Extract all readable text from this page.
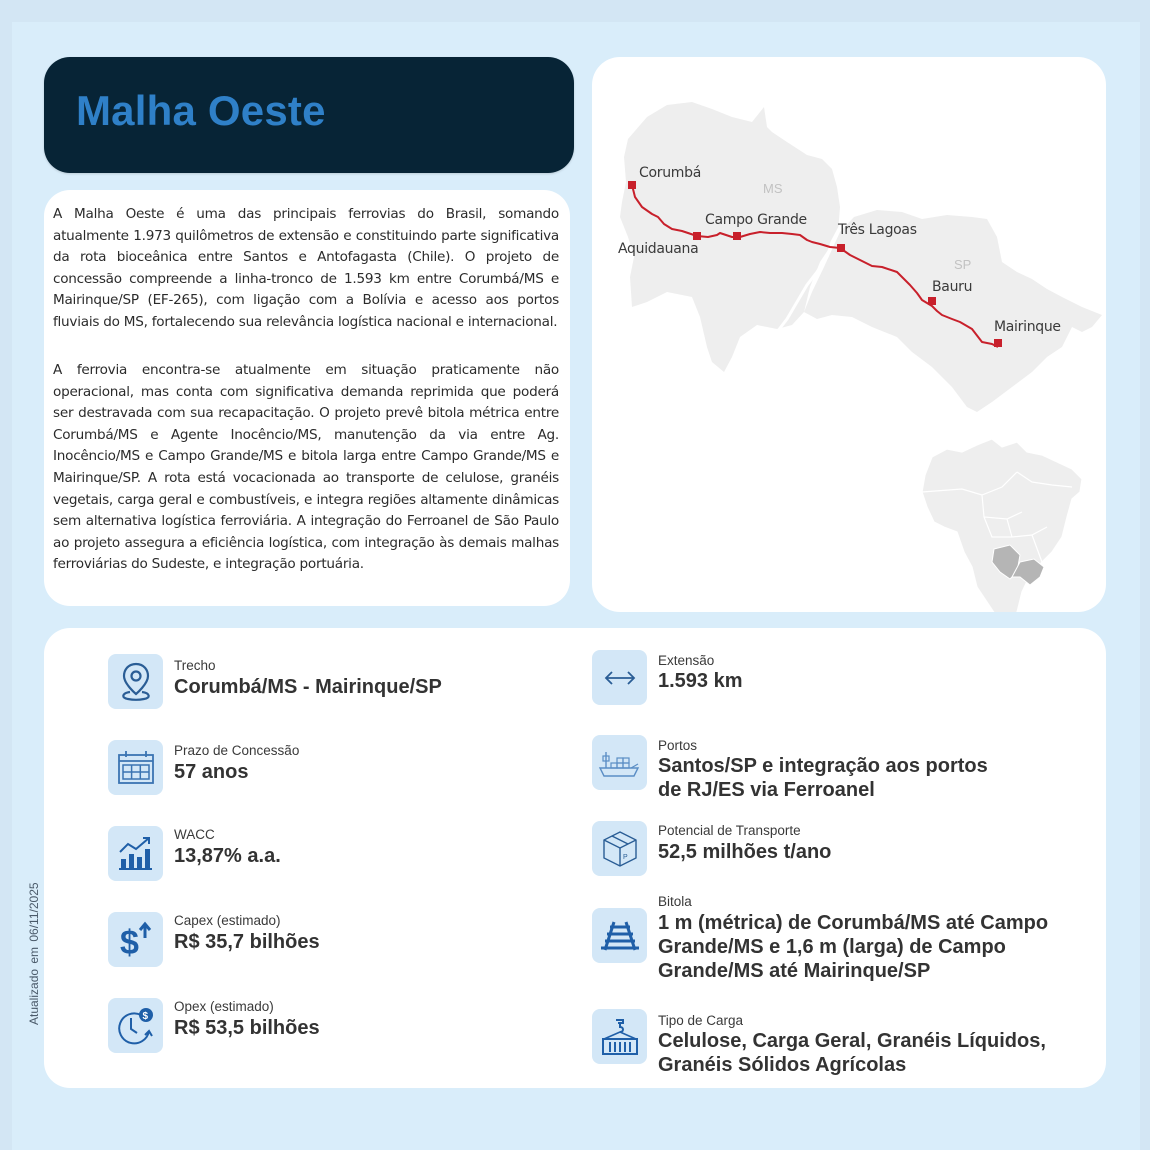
Malha Oeste

A Malha Oeste é uma das principais ferrovias do Brasil, somando atualmente 1.973 quilômetros de extensão e constituindo parte significativa da rota bioceânica entre Santos e Antofagasta (Chile). O projeto de concessão compreende a linha-tronco de 1.593 km entre Corumbá/MS e Mairinque/SP (EF-265), com ligação com a Bolívia e acesso aos portos fluviais do MS, fortalecendo sua relevância logística nacional e internacional.

A ferrovia encontra-se atualmente em situação praticamente não operacional, mas conta com significativa demanda reprimida que poderá ser destravada com sua recapacitação. O projeto prevê bitola métrica entre Corumbá/MS e Agente Inocêncio/MS, manutenção da via entre Ag. Inocêncio/MS e Campo Grande/MS e bitola larga entre Campo Grande/MS e Mairinque/SP. A rota está vocacionada ao transporte de celulose, granéis vegetais, carga geral e combustíveis, e integra regiões altamente dinâmicas sem alternativa logística ferroviária. A integração do Ferroanel de São Paulo ao projeto assegura a eficiência logística, com integração às demais malhas ferroviárias do Sudeste, e integração portuária.

MS
SP
Corumbá
Aquidauana
Campo Grande
Três Lagoas
Bauru
Mairinque
Trecho
Corumbá/MS - Mairinque/SP
Prazo de Concessão
57 anos
WACC
13,87% a.a.
$
Capex (estimado)
R$ 35,7 bilhões
$
Opex (estimado)
R$ 53,5 bilhões
Extensão
1.593 km
Portos
Santos/SP e integração aos portos
de RJ/ES via Ferroanel
P
Potencial de Transporte
52,5 milhões t/ano
Bitola
1 m (métrica) de Corumbá/MS até Campo
Grande/MS e 1,6 m (larga) de Campo
Grande/MS até Mairinque/SP
Tipo de Carga
Celulose, Carga Geral, Granéis Líquidos,
Granéis Sólidos Agrícolas
Atualizado em 06/11/2025
